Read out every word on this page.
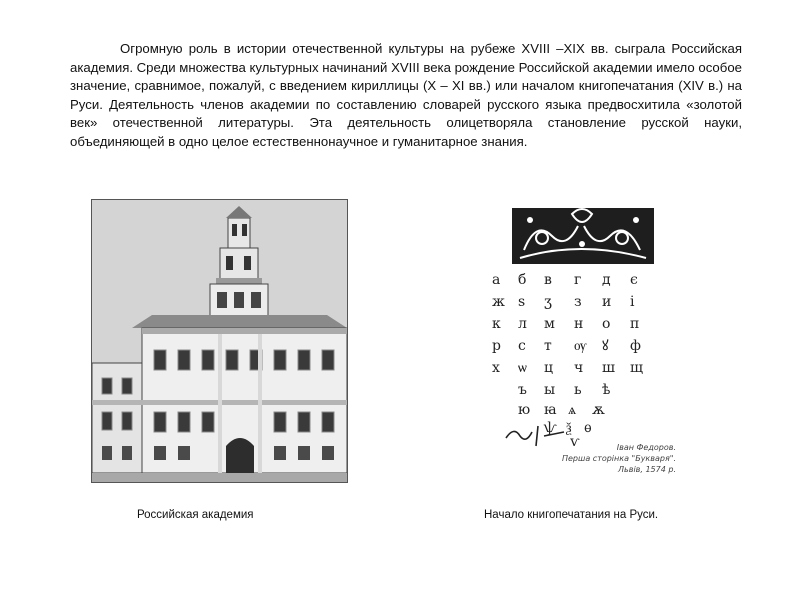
Огромную роль в истории отечественной культуры на рубеже XVIII –XIX вв. сыграла Российская академия. Среди множества культурных начинаний XVIII века рождение Российской академии имело особое значение, сравнимое, пожалуй, с введением кириллицы (X – XI вв.) или началом книгопечатания (XIV в.) на Руси. Деятельность членов академии по составлению словарей русского языка предвосхитила «золотой век» отечественной литературы. Эта деятельность олицетворяла становление русской науки, объединяющей в одно целое естественнонаучное и гуманитарное знания.

а б в г д є
ж ѕ ӡ з и і
к л м н о п
р с т ѹ ꙋ ф
х ѡ ц ч ш щ
ъ ы ь ѣ
ю ꙗ ѧ ѫ
ѱ ѯ ѳ
ѵ	Іван Федоров.
Перша сторінка "Букваря".
Львів, 1574 р.

Российская академия	Начало книгопечатания на Руси.
